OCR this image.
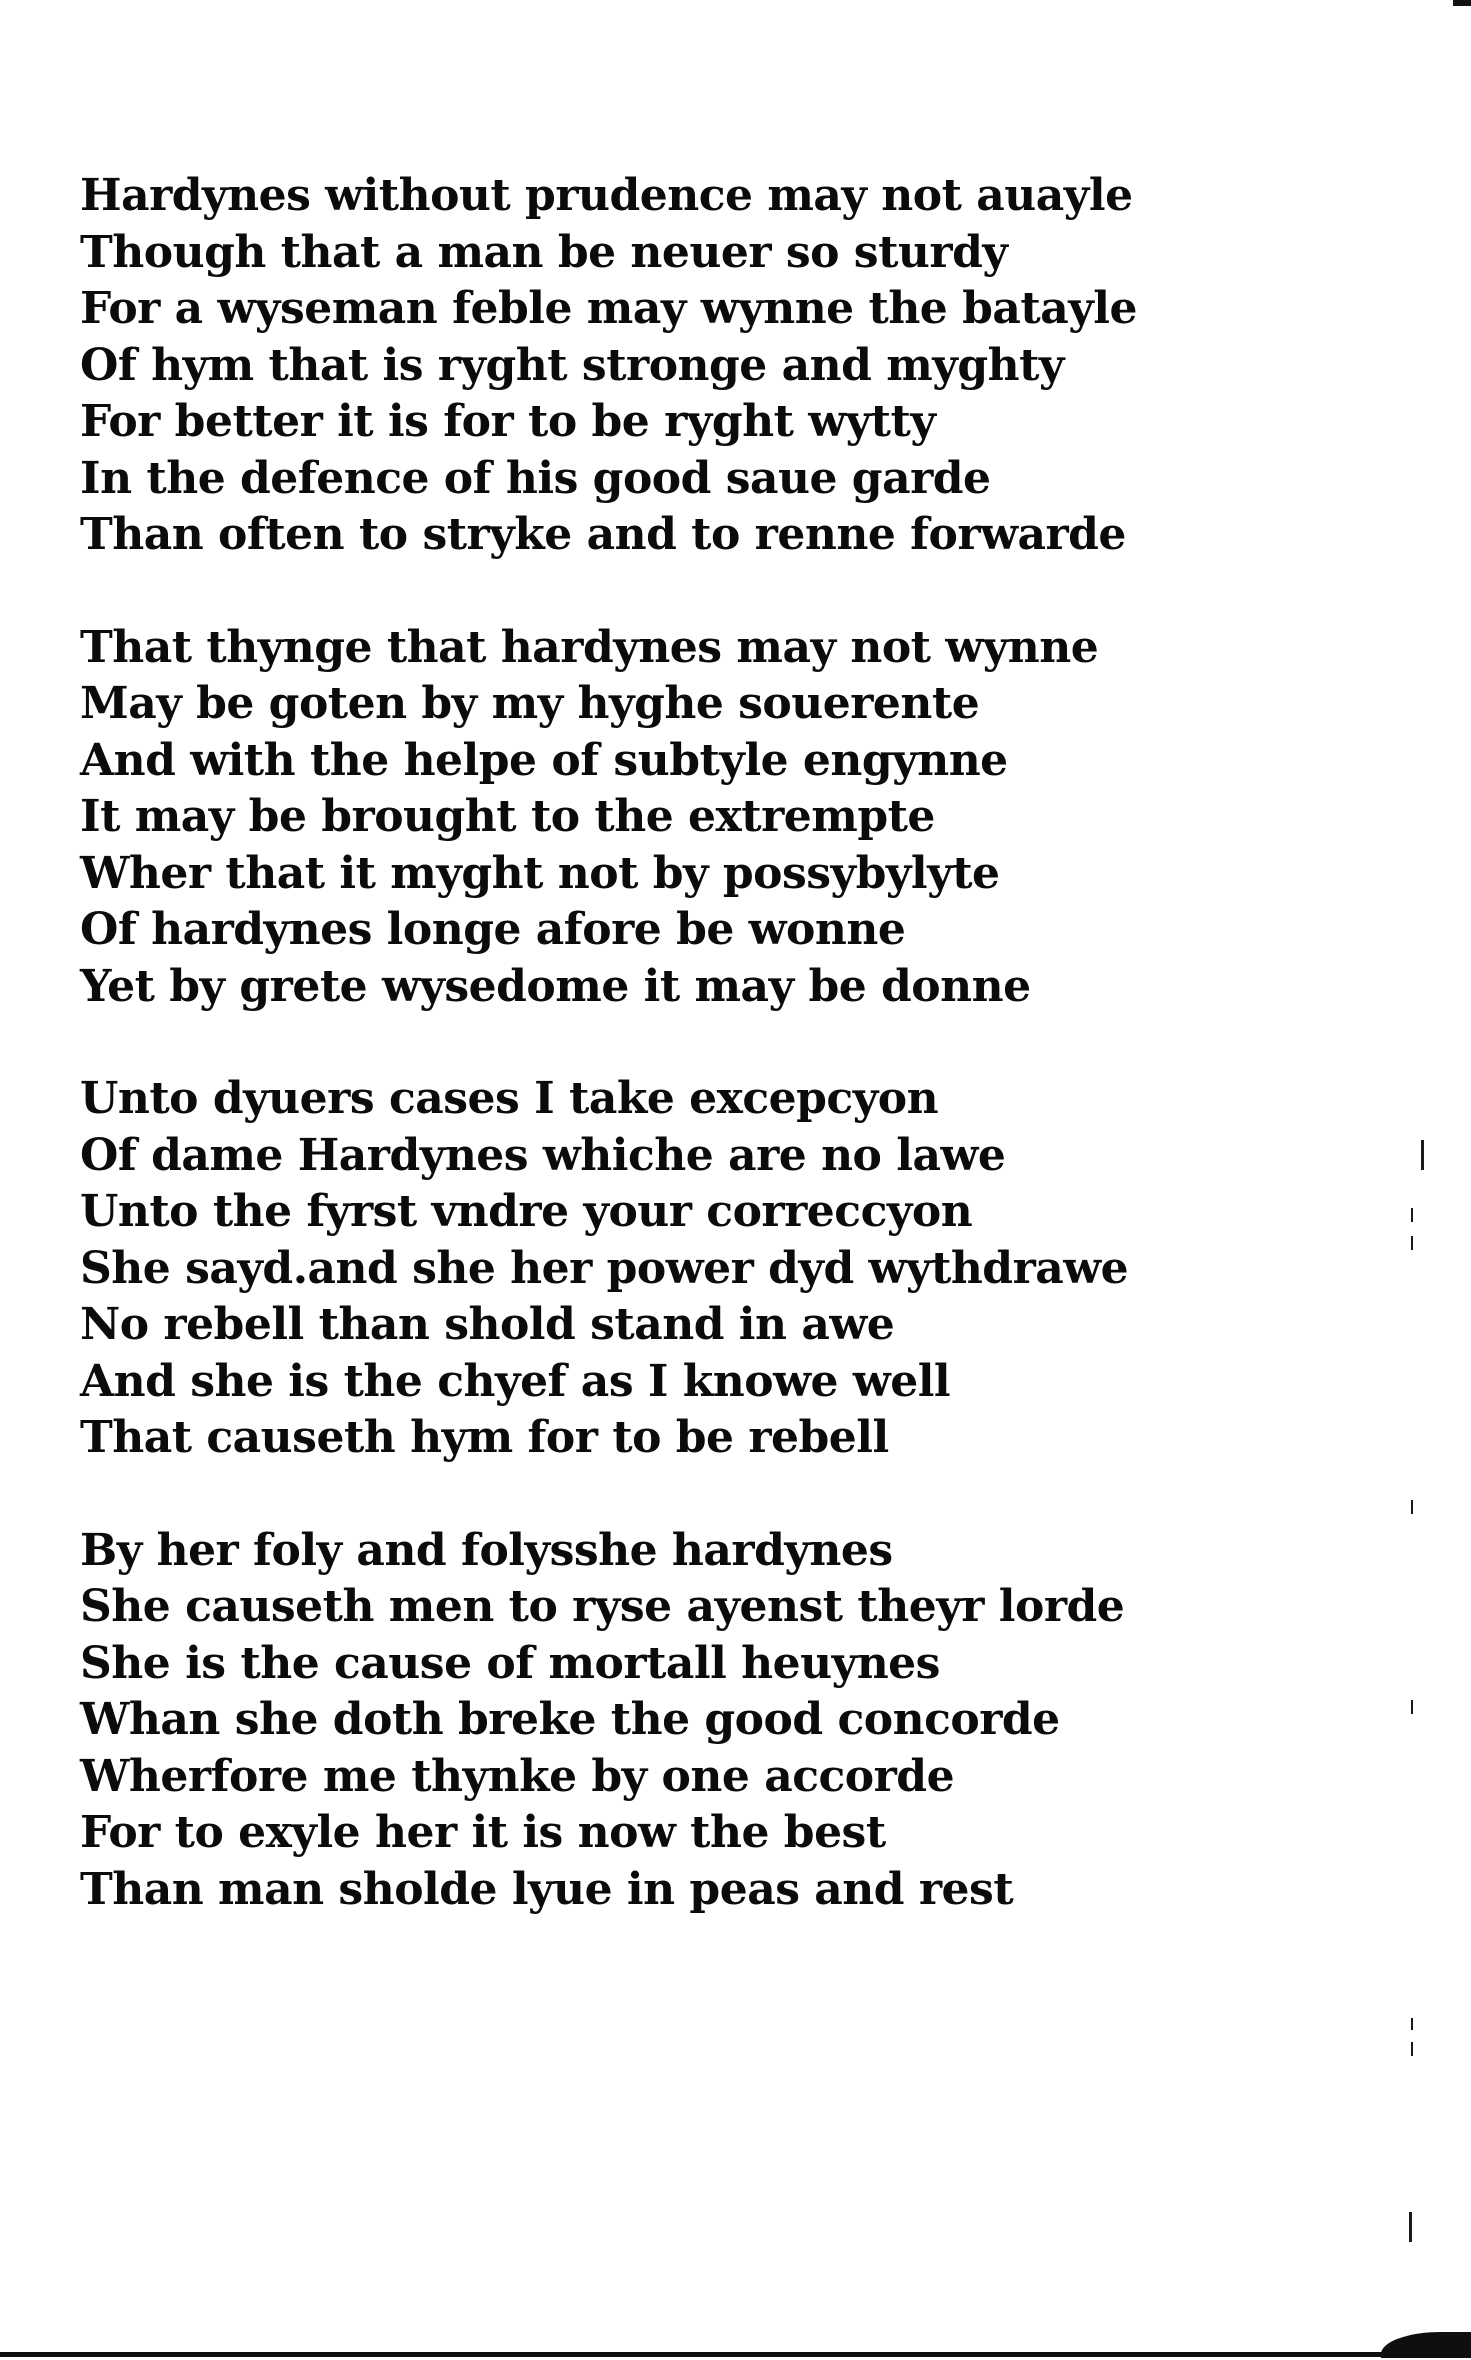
Hardynes without prudence may not auayle
Though that a man be neuer so sturdy
For a wyseman feble may wynne the batayle
Of hym that is ryght stronge and myghty
For better it is for to be ryght wytty
In the defence of his good saue garde
Than often to stryke and to renne forwarde
That thynge that hardynes may not wynne
May be goten by my hyghe souerente
And with the helpe of subtyle engynne
It may be brought to the extrempte
Wher that it myght not by possybylyte
Of hardynes longe afore be wonne
Yet by grete wysedome it may be donne
Unto dyuers cases I take excepcyon
Of dame Hardynes whiche are no lawe
Unto the fyrst vndre your correccyon
She sayd.and she her power dyd wythdrawe
No rebell than shold stand in awe
And she is the chyef as I knowe well
That causeth hym for to be rebell
By her foly and folysshe hardynes
She causeth men to ryse ayenst theyr lorde
She is the cause of mortall heuynes
Whan she doth breke the good concorde
Wherfore me thynke by one accorde
For to exyle her it is now the best
Than man sholde lyue in peas and rest
